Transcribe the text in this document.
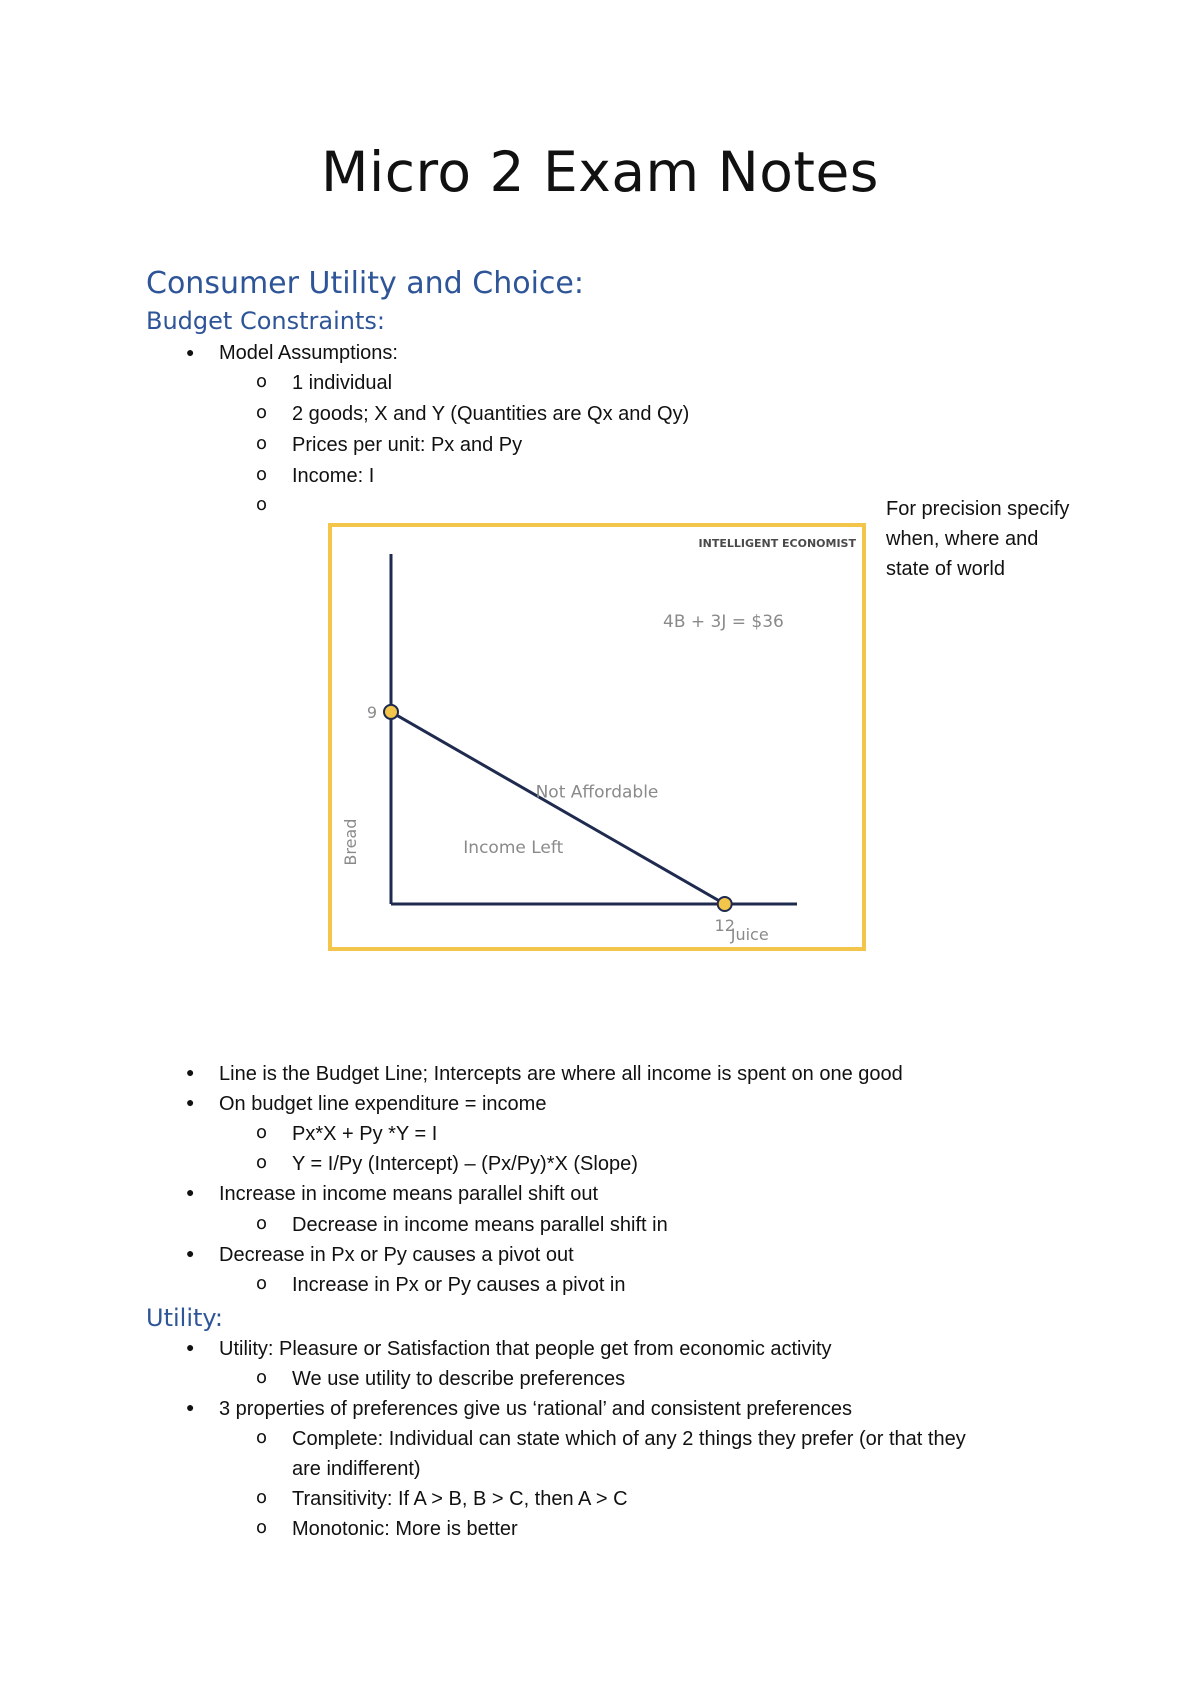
Micro 2 Exam Notes
Consumer Utility and Choice:
Budget Constraints:
● Model Assumptions:
o 1 individual
o 2 goods; X and Y (Quantities are Qx and Qy)
o Prices per unit: Px and Py
o Income: I
o	For precision specify when, where and state of world
INTELLIGENT ECONOMIST
4B + 3J = $36
9
12
Not Affordable
Income Left
Bread
Juice
● Line is the Budget Line; Intercepts are where all income is spent on one good
● On budget line expenditure = income
o Px*X + Py *Y = I
o Y = I/Py (Intercept) – (Px/Py)*X (Slope)
● Increase in income means parallel shift out
o Decrease in income means parallel shift in
● Decrease in Px or Py causes a pivot out
o Increase in Px or Py causes a pivot in
Utility:
● Utility: Pleasure or Satisfaction that people get from economic activity
o We use utility to describe preferences
● 3 properties of preferences give us ‘rational’ and consistent preferences
o Complete: Individual can state which of any 2 things they prefer (or that they
are indifferent)
o Transitivity: If A > B, B > C, then A > C
o Monotonic: More is better
